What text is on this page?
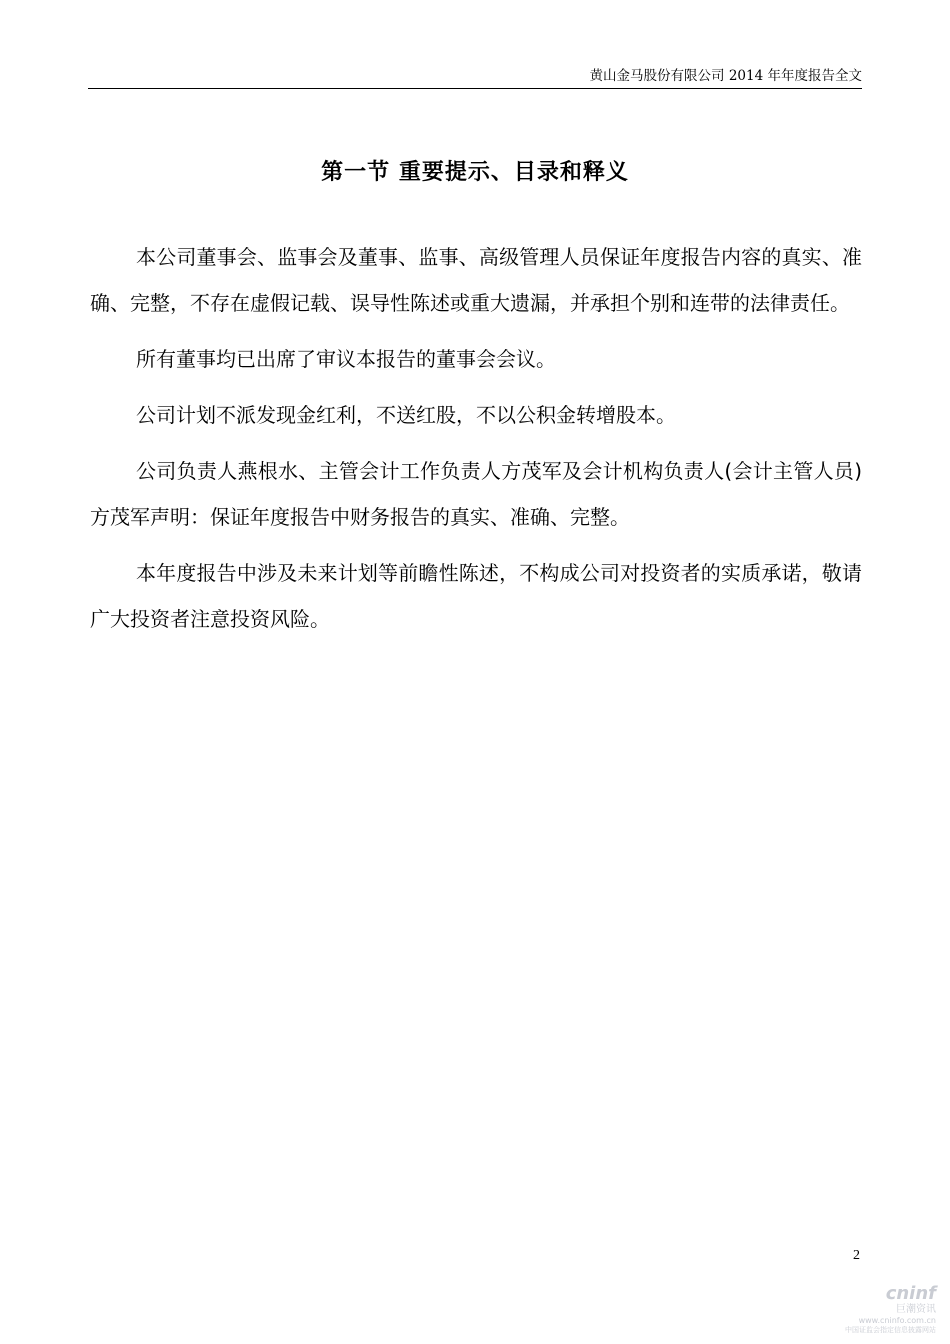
黄山金马股份有限公司 2014 年年度报告全文
第一节 重要提示、目录和释义

本公司董事会、监事会及董事、监事、高级管理人员保证年度报告内容的真实、准确、完整，不存在虚假记载、误导性陈述或重大遗漏，并承担个别和连带的法律责任。

所有董事均已出席了审议本报告的董事会会议。

公司计划不派发现金红利，不送红股，不以公积金转增股本。

公司负责人燕根水、主管会计工作负责人方茂军及会计机构负责人(会计主管人员)方茂军声明：保证年度报告中财务报告的真实、准确、完整。

本年度报告中涉及未来计划等前瞻性陈述，不构成公司对投资者的实质承诺，敬请广大投资者注意投资风险。

2
cninf
巨潮资讯
www.cninfo.com.cn
中国证监会指定信息披露网站
